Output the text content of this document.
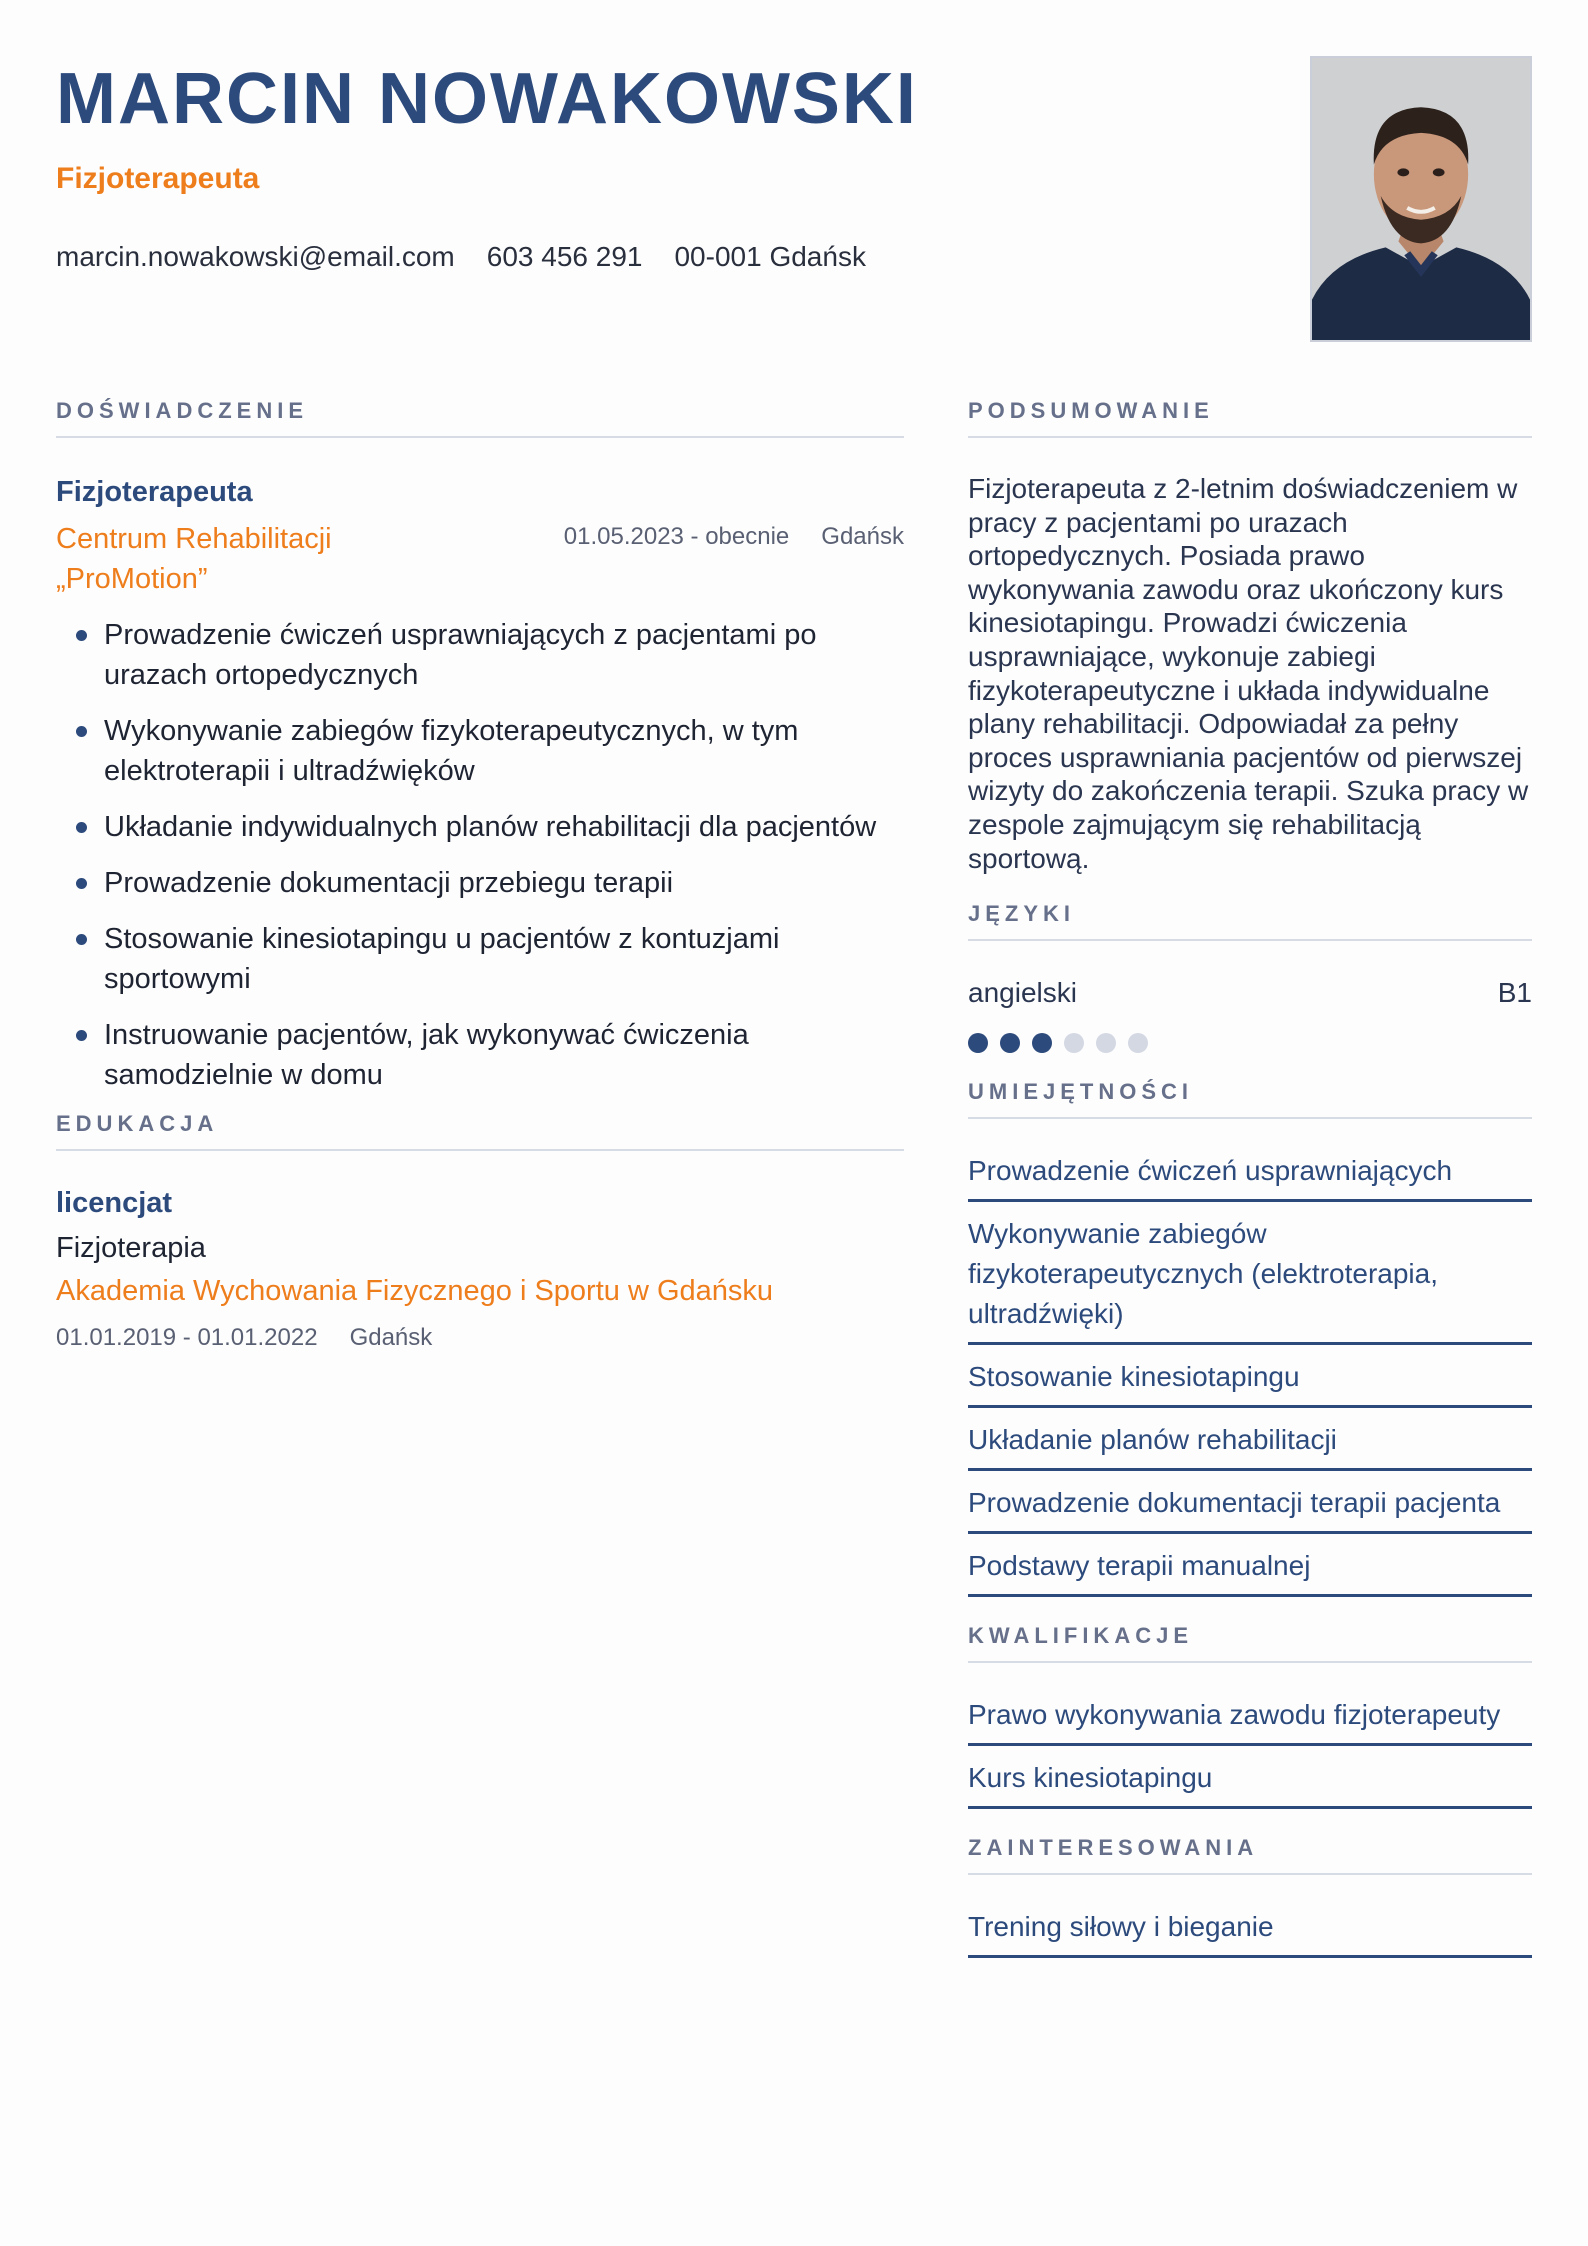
MARCIN NOWAKOWSKI
Fizjoterapeuta
marcin.nowakowski@email.com 603 456 291 00-001 Gdańsk
DOŚWIADCZENIE
Fizjoterapeuta
Centrum Rehabilitacji „ProMotion”
01.05.2023 - obecnie Gdańsk
Prowadzenie ćwiczeń usprawniających z pacjentami po urazach ortopedycznych
Wykonywanie zabiegów fizykoterapeutycznych, w tym elektroterapii i ultradźwięków
Układanie indywidualnych planów rehabilitacji dla pacjentów
Prowadzenie dokumentacji przebiegu terapii
Stosowanie kinesiotapingu u pacjentów z kontuzjami sportowymi
Instruowanie pacjentów, jak wykonywać ćwiczenia samodzielnie w domu
EDUKACJA
licencjat
Fizjoterapia
Akademia Wychowania Fizycznego i Sportu w Gdańsku
01.01.2019 - 01.01.2022 Gdańsk
PODSUMOWANIE
Fizjoterapeuta z 2-letnim doświadczeniem w pracy z pacjentami po urazach ortopedycznych. Posiada prawo wykonywania zawodu oraz ukończony kurs kinesiotapingu. Prowadzi ćwiczenia usprawniające, wykonuje zabiegi fizykoterapeutyczne i układa indywidualne plany rehabilitacji. Odpowiadał za pełny proces usprawniania pacjentów od pierwszej wizyty do zakończenia terapii. Szuka pracy w zespole zajmującym się rehabilitacją sportową.
JĘZYKI
angielski	B1
UMIEJĘTNOŚCI
Prowadzenie ćwiczeń usprawniających
Wykonywanie zabiegów fizykoterapeutycznych (elektroterapia, ultradźwięki)
Stosowanie kinesiotapingu
Układanie planów rehabilitacji
Prowadzenie dokumentacji terapii pacjenta
Podstawy terapii manualnej
KWALIFIKACJE
Prawo wykonywania zawodu fizjoterapeuty
Kurs kinesiotapingu
ZAINTERESOWANIA
Trening siłowy i bieganie
